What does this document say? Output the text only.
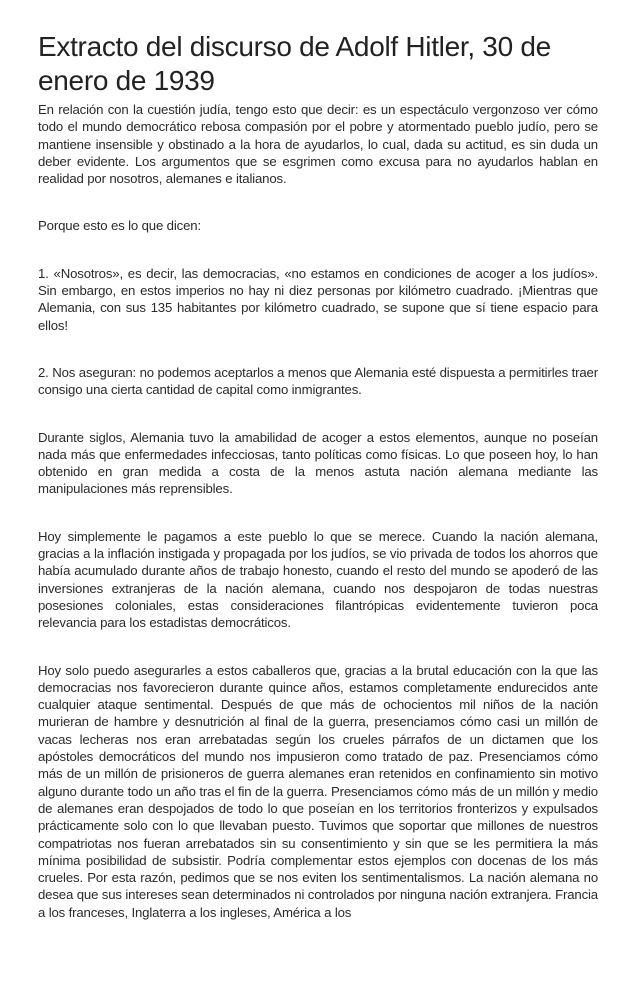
Extracto del discurso de Adolf Hitler, 30 de enero de 1939

En relación con la cuestión judía, tengo esto que decir: es un espectáculo vergonzoso ver cómo todo el mundo democrático rebosa compasión por el pobre y atormentado pueblo judío, pero se mantiene insensible y obstinado a la hora de ayudarlos, lo cual, dada su actitud, es sin duda un deber evidente. Los argumentos que se esgrimen como excusa para no ayudarlos hablan en realidad por nosotros, alemanes e italianos.

Porque esto es lo que dicen:

1. «Nosotros», es decir, las democracias, «no estamos en condiciones de acoger a los judíos». Sin embargo, en estos imperios no hay ni diez personas por kilómetro cuadrado. ¡Mientras que Alemania, con sus 135 habitantes por kilómetro cuadrado, se supone que sí tiene espacio para ellos!

2. Nos aseguran: no podemos aceptarlos a menos que Alemania esté dispuesta a permitirles traer consigo una cierta cantidad de capital como inmigrantes.

Durante siglos, Alemania tuvo la amabilidad de acoger a estos elementos, aunque no poseían nada más que enfermedades infecciosas, tanto políticas como físicas. Lo que poseen hoy, lo han obtenido en gran medida a costa de la menos astuta nación alemana mediante las manipulaciones más reprensibles.

Hoy simplemente le pagamos a este pueblo lo que se merece. Cuando la nación alemana, gracias a la inflación instigada y propagada por los judíos, se vio privada de todos los ahorros que había acumulado durante años de trabajo honesto, cuando el resto del mundo se apoderó de las inversiones extranjeras de la nación alemana, cuando nos despojaron de todas nuestras posesiones coloniales, estas consideraciones filantrópicas evidentemente tuvieron poca relevancia para los estadistas democráticos.

Hoy solo puedo asegurarles a estos caballeros que, gracias a la brutal educación con la que las democracias nos favorecieron durante quince años, estamos completamente endurecidos ante cualquier ataque sentimental. Después de que más de ochocientos mil niños de la nación murieran de hambre y desnutrición al final de la guerra, presenciamos cómo casi un millón de vacas lecheras nos eran arrebatadas según los crueles párrafos de un dictamen que los apóstoles democráticos del mundo nos impusieron como tratado de paz. Presenciamos cómo más de un millón de prisioneros de guerra alemanes eran retenidos en confinamiento sin motivo alguno durante todo un año tras el fin de la guerra. Presenciamos cómo más de un millón y medio de alemanes eran despojados de todo lo que poseían en los territorios fronterizos y expulsados prácticamente solo con lo que llevaban puesto. Tuvimos que soportar que millones de nuestros compatriotas nos fueran arrebatados sin su consentimiento y sin que se les permitiera la más mínima posibilidad de subsistir. Podría complementar estos ejemplos con docenas de los más crueles. Por esta razón, pedimos que se nos eviten los sentimentalismos. La nación alemana no desea que sus intereses sean determinados ni controlados por ninguna nación extranjera. Francia a los franceses, Inglaterra a los ingleses, América a los
